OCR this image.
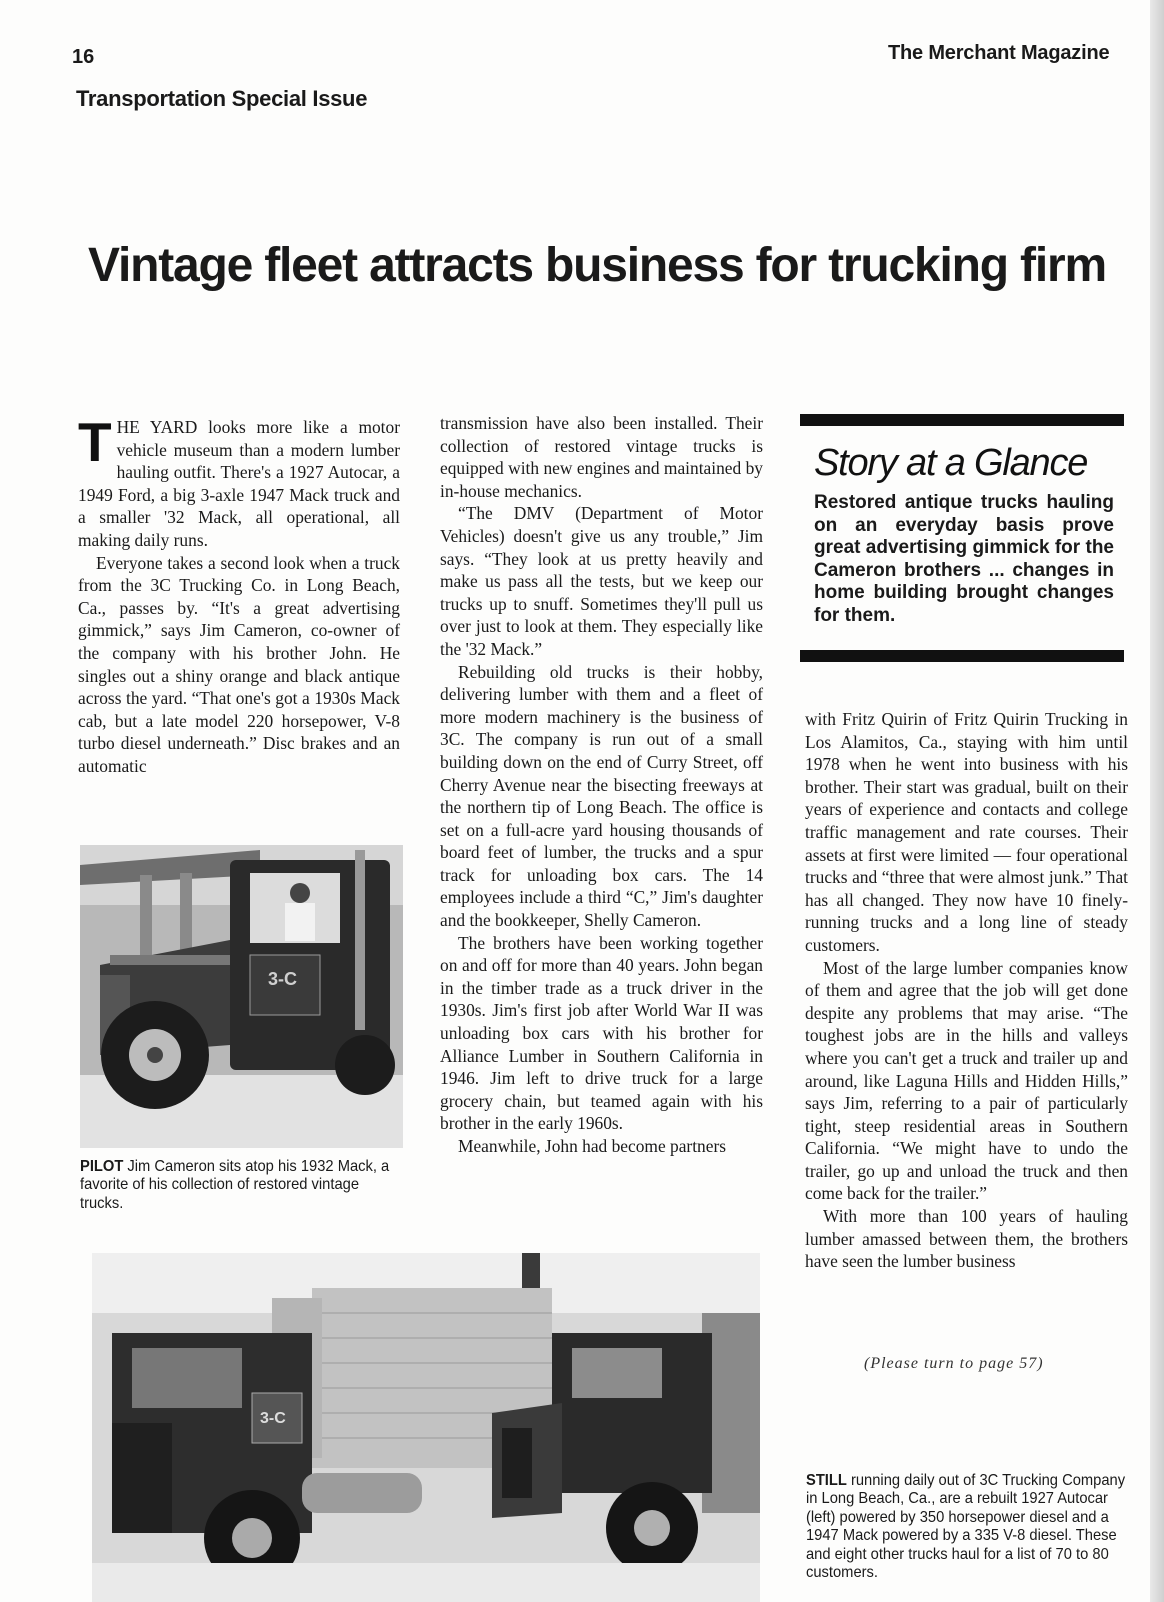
16	The Merchant Magazine
Transportation Special Issue
Vintage fleet attracts business for trucking firm

THE YARD looks more like a motor vehicle museum than a modern lumber hauling outfit. There's a 1927 Autocar, a 1949 Ford, a big 3-axle 1947 Mack truck and a smaller '32 Mack, all operational, all making daily runs.

Everyone takes a second look when a truck from the 3C Trucking Co. in Long Beach, Ca., passes by. “It's a great advertising gimmick,” says Jim Cameron, co-owner of the company with his brother John. He singles out a shiny orange and black antique across the yard. “That one's got a 1930s Mack cab, but a late model 220 horsepower, V-8 turbo diesel underneath.” Disc brakes and an automatic

3-C
PILOT Jim Cameron sits atop his 1932 Mack, a favorite of his collection of restored vintage trucks.

transmission have also been installed. Their collection of restored vintage trucks is equipped with new engines and maintained by in-house mechanics.

“The DMV (Department of Motor Vehicles) doesn't give us any trouble,” Jim says. “They look at us pretty heavily and make us pass all the tests, but we keep our trucks up to snuff. Sometimes they'll pull us over just to look at them. They especially like the '32 Mack.”

Rebuilding old trucks is their hobby, delivering lumber with them and a fleet of more modern machinery is the business of 3C. The company is run out of a small building down on the end of Curry Street, off Cherry Avenue near the bisecting freeways at the northern tip of Long Beach. The office is set on a full-acre yard housing thousands of board feet of lumber, the trucks and a spur track for unloading box cars. The 14 employees include a third “C,” Jim's daughter and the bookkeeper, Shelly Cameron.

The brothers have been working together on and off for more than 40 years. John began in the timber trade as a truck driver in the 1930s. Jim's first job after World War II was unloading box cars with his brother for Alliance Lumber in Southern California in 1946. Jim left to drive truck for a large grocery chain, but teamed again with his brother in the early 1960s.

Meanwhile, John had become partners

Story at a Glance
Restored antique trucks hauling on an everyday basis prove great advertising gimmick for the Cameron brothers ... changes in home building brought changes for them.

with Fritz Quirin of Fritz Quirin Trucking in Los Alamitos, Ca., staying with him until 1978 when he went into business with his brother. Their start was gradual, built on their years of experience and contacts and college traffic management and rate courses. Their assets at first were limited — four operational trucks and “three that were almost junk.” That has all changed. They now have 10 finely-running trucks and a long line of steady customers.

Most of the large lumber companies know of them and agree that the job will get done despite any problems that may arise. “The toughest jobs are in the hills and valleys where you can't get a truck and trailer up and around, like Laguna Hills and Hidden Hills,” says Jim, referring to a pair of particularly tight, steep residential areas in Southern California. “We might have to undo the trailer, go up and unload the truck and then come back for the trailer.”

With more than 100 years of hauling lumber amassed between them, the brothers have seen the lumber business

(Please turn to page 57)
3-C
STILL running daily out of 3C Trucking Company in Long Beach, Ca., are a rebuilt 1927 Autocar (left) powered by 350 horsepower diesel and a 1947 Mack powered by a 335 V-8 diesel. These and eight other trucks haul for a list of 70 to 80 customers.
